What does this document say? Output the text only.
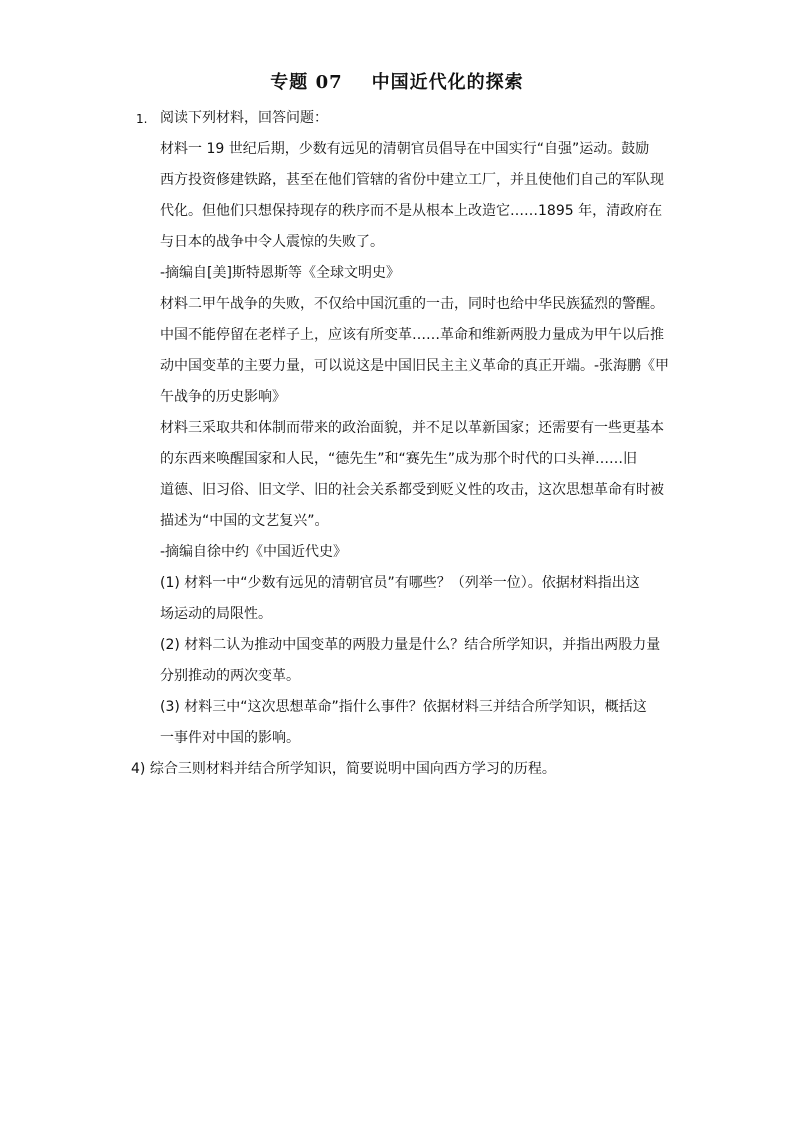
专题 07    中国近代化的探索
1. 阅读下列材料，回答问题：
材料一 19 世纪后期，少数有远见的清朝官员倡导在中国实行“自强”运动。鼓励
西方投资修建铁路，甚至在他们管辖的省份中建立工厂，并且使他们自己的军队现
代化。但他们只想保持现存的秩序而不是从根本上改造它……1895 年，清政府在
与日本的战争中令人震惊的失败了。
-摘编自[美]斯特恩斯等《全球文明史》
材料二甲午战争的失败，不仅给中国沉重的一击，同时也给中华民族猛烈的警醒。
中国不能停留在老样子上，应该有所变革……革命和维新两股力量成为甲午以后推
动中国变革的主要力量，可以说这是中国旧民主主义革命的真正开端。-张海鹏《甲
午战争的历史影响》
材料三采取共和体制而带来的政治面貌，并不足以革新国家；还需要有一些更基本
的东西来唤醒国家和人民，“德先生”和“赛先生”成为那个时代的口头禅……旧
道德、旧习俗、旧文学、旧的社会关系都受到贬义性的攻击，这次思想革命有时被
描述为“中国的文艺复兴”。
-摘编自徐中约《中国近代史》
(1) 材料一中“少数有远见的清朝官员”有哪些？（列举一位）。依据材料指出这
场运动的局限性。
(2) 材料二认为推动中国变革的两股力量是什么？结合所学知识，并指出两股力量
分别推动的两次变革。
(3) 材料三中“这次思想革命”指什么事件？依据材料三并结合所学知识，概括这
一事件对中国的影响。
4) 综合三则材料并结合所学知识，简要说明中国向西方学习的历程。
